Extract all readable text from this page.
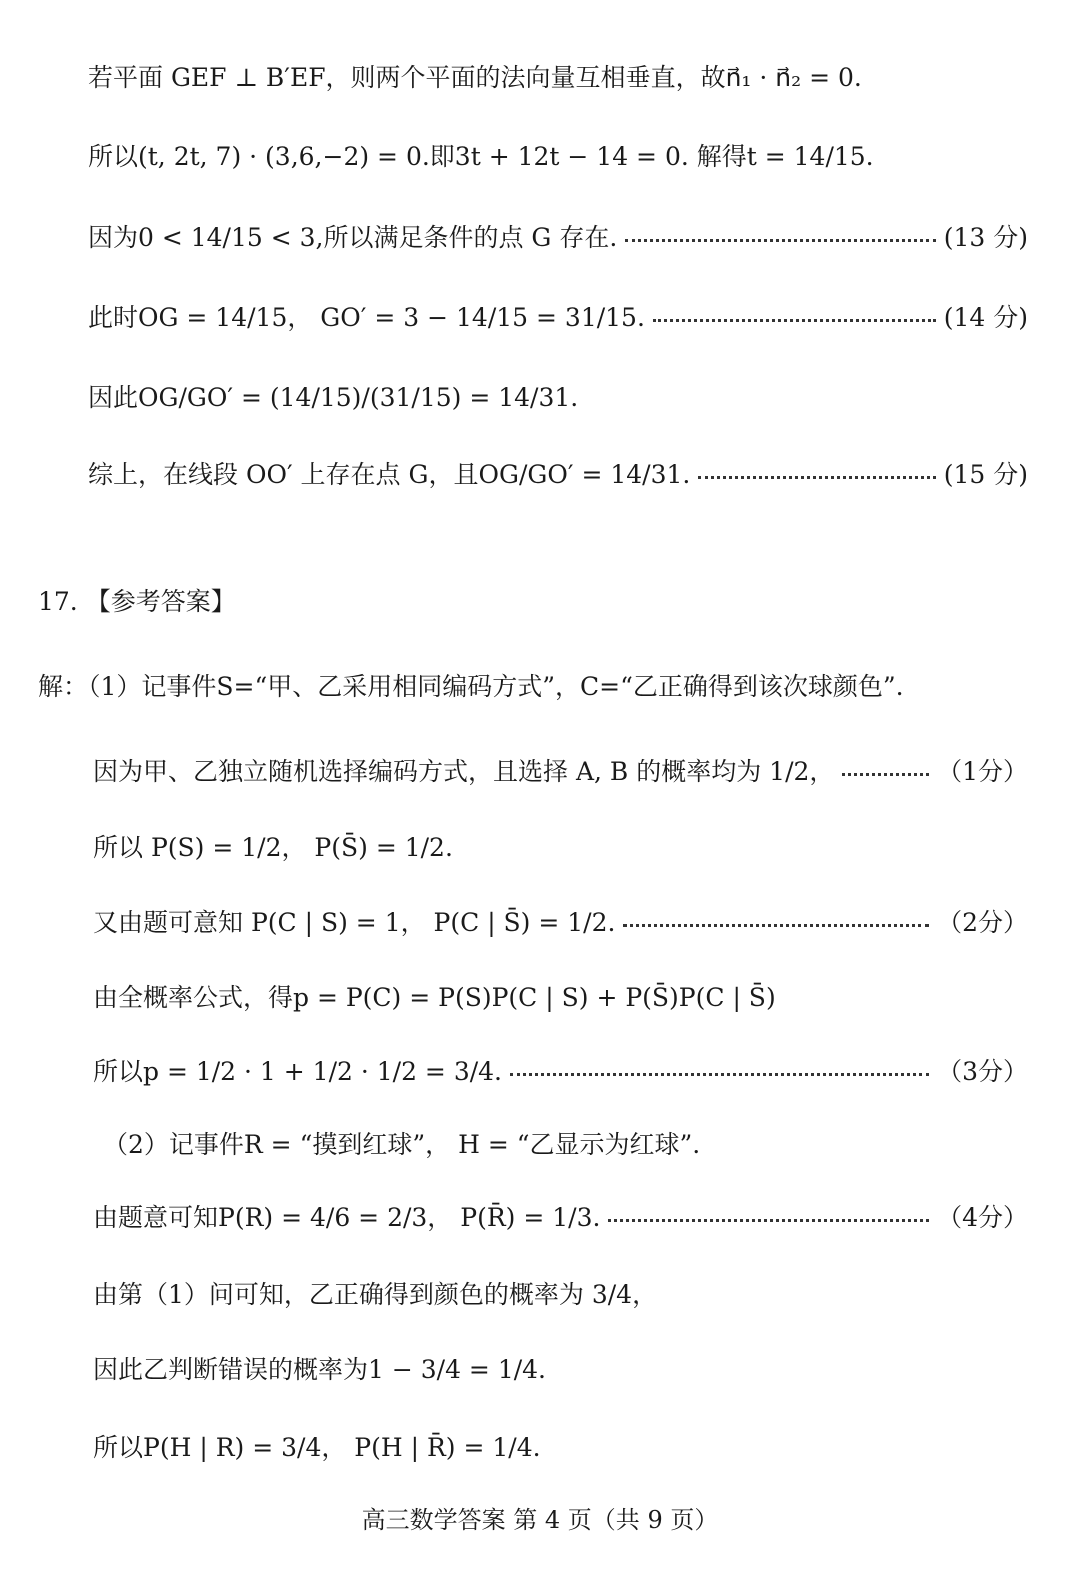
若平面 GEF ⊥ B′EF，则两个平面的法向量互相垂直，故n⃗₁ · n⃗₂ = 0.
所以(t, 2t, 7) · (3,6,−2) = 0.即3t + 12t − 14 = 0. 解得t = 14/15.
因为0 < 14/15 < 3,所以满足条件的点 G 存在.	(13 分)
此时OG = 14/15， GO′ = 3 − 14/15 = 31/15.	(14 分)
因此OG/GO′ = (14/15)/(31/15) = 14/31.
综上，在线段 OO′ 上存在点 G，且OG/GO′ = 14/31.	(15 分)
17. 【参考答案】
解：（1）记事件S=“甲、乙采用相同编码方式”，C=“乙正确得到该次球颜色”.
因为甲、乙独立随机选择编码方式，且选择 A, B 的概率均为 1/2，	（1分）
所以 P(S) = 1/2， P(S̄) = 1/2.
又由题可意知 P(C | S) = 1， P(C | S̄) = 1/2.	（2分）
由全概率公式，得p = P(C) = P(S)P(C | S) + P(S̄)P(C | S̄)
所以p = 1/2 · 1 + 1/2 · 1/2 = 3/4.	（3分）
（2）记事件R = “摸到红球”， H = “乙显示为红球”.
由题意可知P(R) = 4/6 = 2/3， P(R̄) = 1/3.	（4分）
由第（1）问可知，乙正确得到颜色的概率为 3/4，
因此乙判断错误的概率为1 − 3/4 = 1/4.
所以P(H | R) = 3/4， P(H | R̄) = 1/4.
高三数学答案 第 4 页（共 9 页）
